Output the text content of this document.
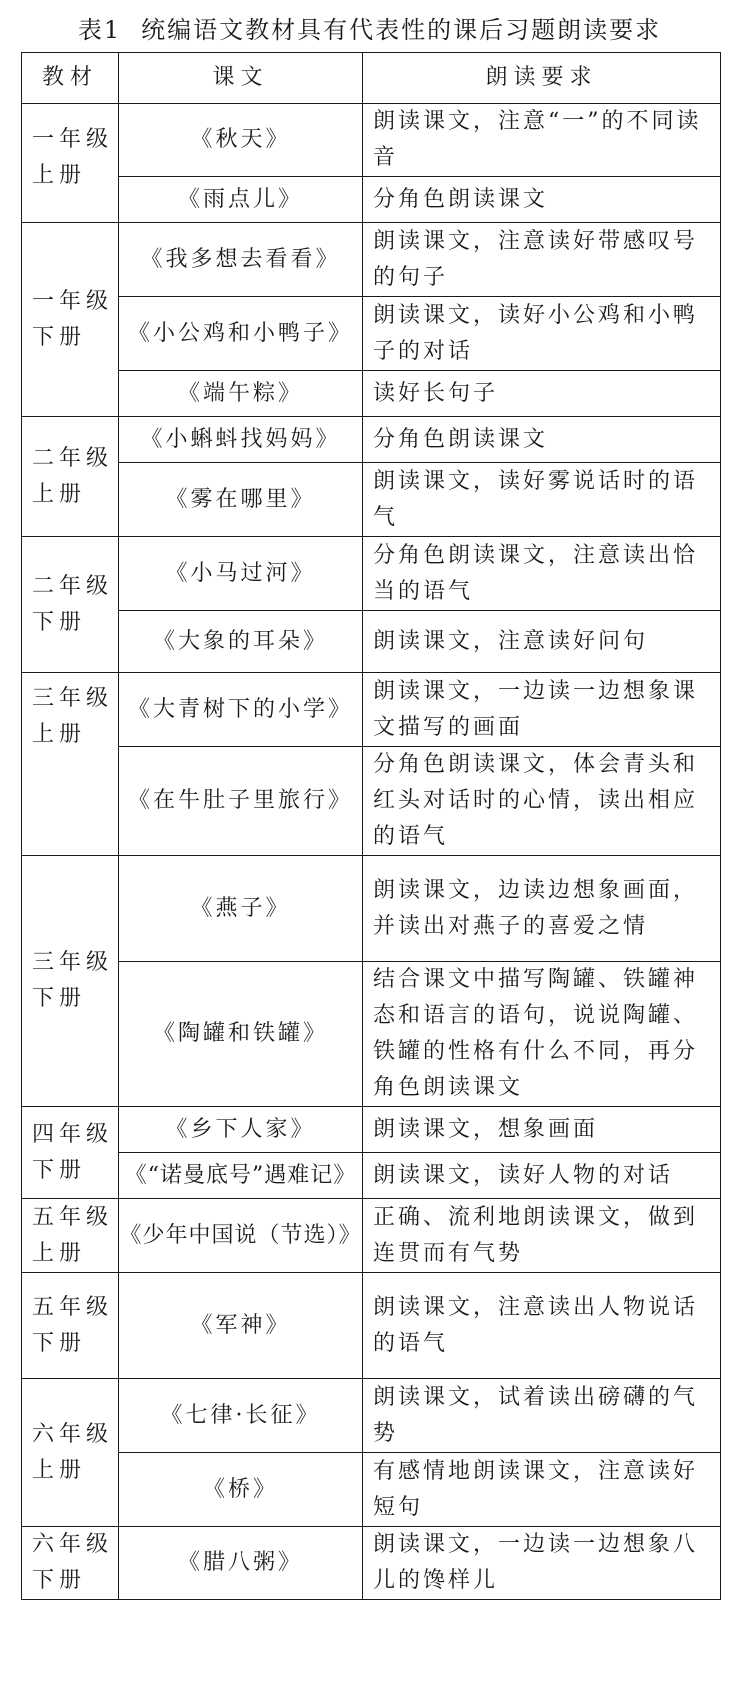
表1 统编语文教材具有代表性的课后习题朗读要求
教材	课文	朗读要求
一年级上册	《秋天》	朗读课文，注意“一”的不同读音
	《雨点儿》	分角色朗读课文
一年级下册	《我多想去看看》	朗读课文，注意读好带感叹号的句子
	《小公鸡和小鸭子》	朗读课文，读好小公鸡和小鸭子的对话
	《端午粽》	读好长句子
二年级上册	《小蝌蚪找妈妈》	分角色朗读课文
	《雾在哪里》	朗读课文，读好雾说话时的语气
二年级下册	《小马过河》	分角色朗读课文，注意读出恰当的语气
	《大象的耳朵》	朗读课文，注意读好问句
三年级上册	《大青树下的小学》	朗读课文，一边读一边想象课文描写的画面
	《在牛肚子里旅行》	分角色朗读课文，体会青头和红头对话时的心情，读出相应的语气
三年级下册	《燕子》	朗读课文，边读边想象画面，并读出对燕子的喜爱之情
	《陶罐和铁罐》	结合课文中描写陶罐、铁罐神态和语言的语句，说说陶罐、铁罐的性格有什么不同，再分角色朗读课文
四年级下册	《乡下人家》	朗读课文，想象画面
	《“诺曼底号”遇难记》	朗读课文，读好人物的对话
五年级上册	《少年中国说（节选）》	正确、流利地朗读课文，做到连贯而有气势
五年级下册	《军神》	朗读课文，注意读出人物说话的语气
六年级上册	《七律·长征》	朗读课文，试着读出磅礴的气势
	《桥》	有感情地朗读课文，注意读好短句
六年级下册	《腊八粥》	朗读课文，一边读一边想象八儿的馋样儿
